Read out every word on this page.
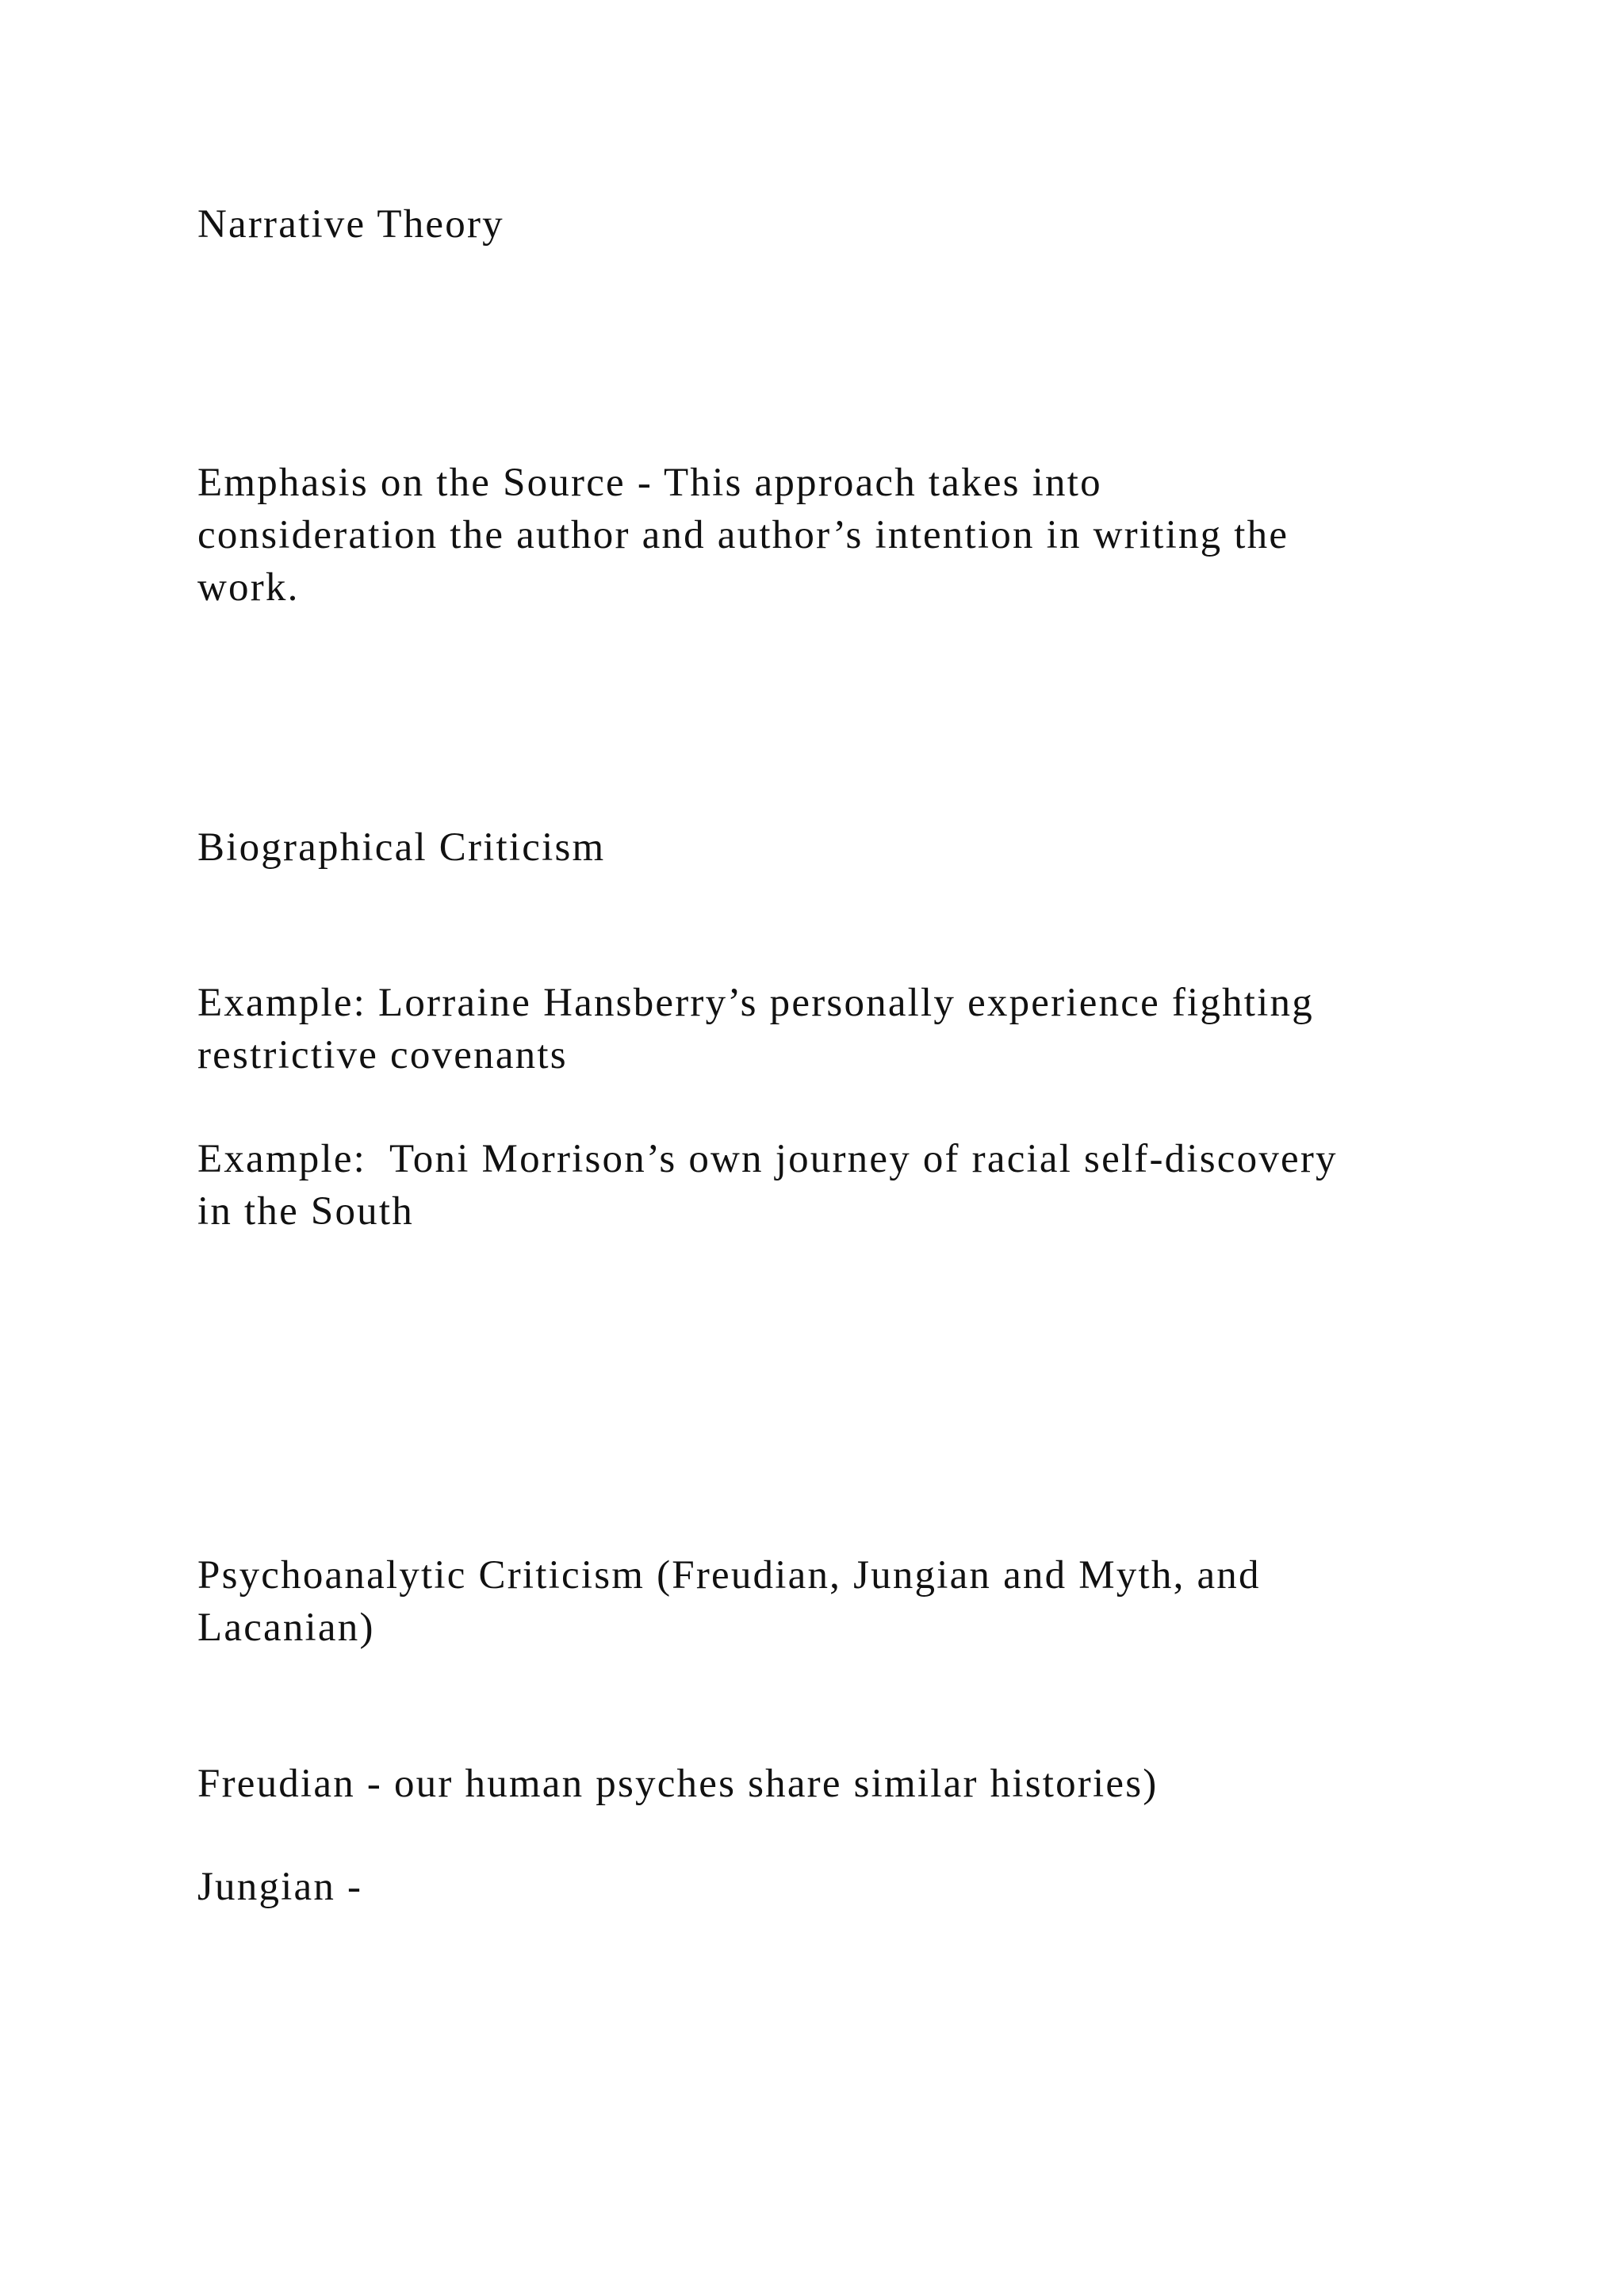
Narrative Theory

Emphasis on the Source - This approach takes into

consideration the author and author’s intention in writing the

work.

Biographical Criticism

Example: Lorraine Hansberry’s personally experience fighting

restrictive covenants

Example:  Toni Morrison’s own journey of racial self-discovery

in the South

Psychoanalytic Criticism (Freudian, Jungian and Myth, and

Lacanian)

Freudian - our human psyches share similar histories)

Jungian -
